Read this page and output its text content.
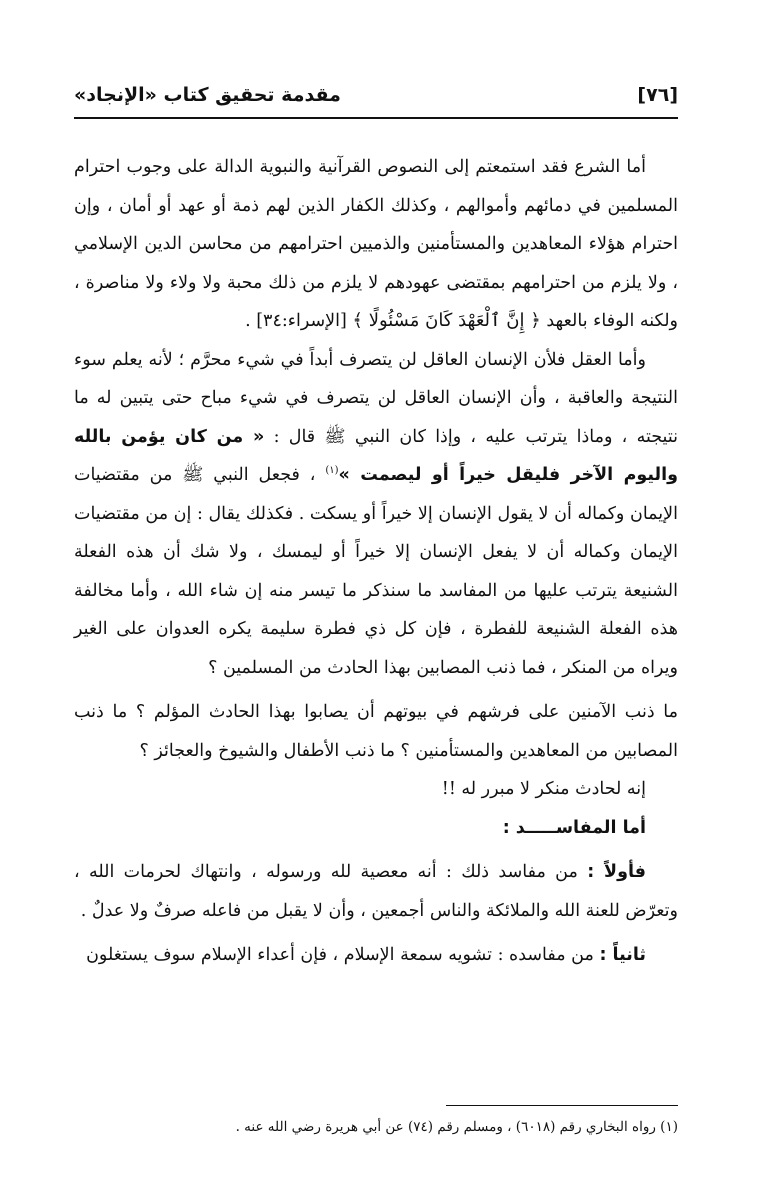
[٧٦]
مقدمة تحقيق كتاب «الإنجاد»

أما الشرع فقد استمعتم إلى النصوص القرآنية والنبوية الدالة على وجوب احترام المسلمين في دمائهم وأموالهم ، وكذلك الكفار الذين لهم ذمة أو عهد أو أمان ، وإن احترام هؤلاء المعاهدين والمستأمنين والذميين احترامهم من محاسن الدين الإسلامي ، ولا يلزم من احترامهم بمقتضى عهودهم لا يلزم من ذلك محبة ولا ولاء ولا مناصرة ، ولكنه الوفاء بالعهد ﴿ إِنَّ ٱلْعَهْدَ كَانَ مَسْئُولًا ﴾ [الإسراء:٣٤] .

وأما العقل فلأن الإنسان العاقل لن يتصرف أبداً في شيء محرَّم ؛ لأنه يعلم سوء النتيجة والعاقبة ، وأن الإنسان العاقل لن يتصرف في شيء مباح حتى يتبين له ما نتيجته ، وماذا يترتب عليه ، وإذا كان النبي ﷺ قال : « من كان يؤمن بالله واليوم الآخر فليقل خيراً أو ليصمت »$^{(١)}$ ، فجعل النبي ﷺ من مقتضيات الإيمان وكماله أن لا يقول الإنسان إلا خيراً أو يسكت . فكذلك يقال : إن من مقتضيات الإيمان وكماله أن لا يفعل الإنسان إلا خيراً أو ليمسك ، ولا شك أن هذه الفعلة الشنيعة يترتب عليها من المفاسد ما سنذكر ما تيسر منه إن شاء الله ، وأما مخالفة هذه الفعلة الشنيعة للفطرة ، فإن كل ذي فطرة سليمة يكره العدوان على الغير ويراه من المنكر ، فما ذنب المصابين بهذا الحادث من المسلمين ؟

ما ذنب الآمنين على فرشهم في بيوتهم أن يصابوا بهذا الحادث المؤلم ؟ ما ذنب المصابين من المعاهدين والمستأمنين ؟ ما ذنب الأطفال والشيوخ والعجائز ؟

إنه لحادث منكر لا مبرر له !!

أما المفاســـــد :

فأولاً : من مفاسد ذلك : أنه معصية لله ورسوله ، وانتهاك لحرمات الله ، وتعرّض للعنة الله والملائكة والناس أجمعين ، وأن لا يقبل من فاعله صرفٌ ولا عدلٌ .

ثانياً : من مفاسده : تشويه سمعة الإسلام ، فإن أعداء الإسلام سوف يستغلون

(١) رواه البخاري رقم (٦٠١٨) ، ومسلم رقم (٧٤) عن أبي هريرة رضي الله عنه .
